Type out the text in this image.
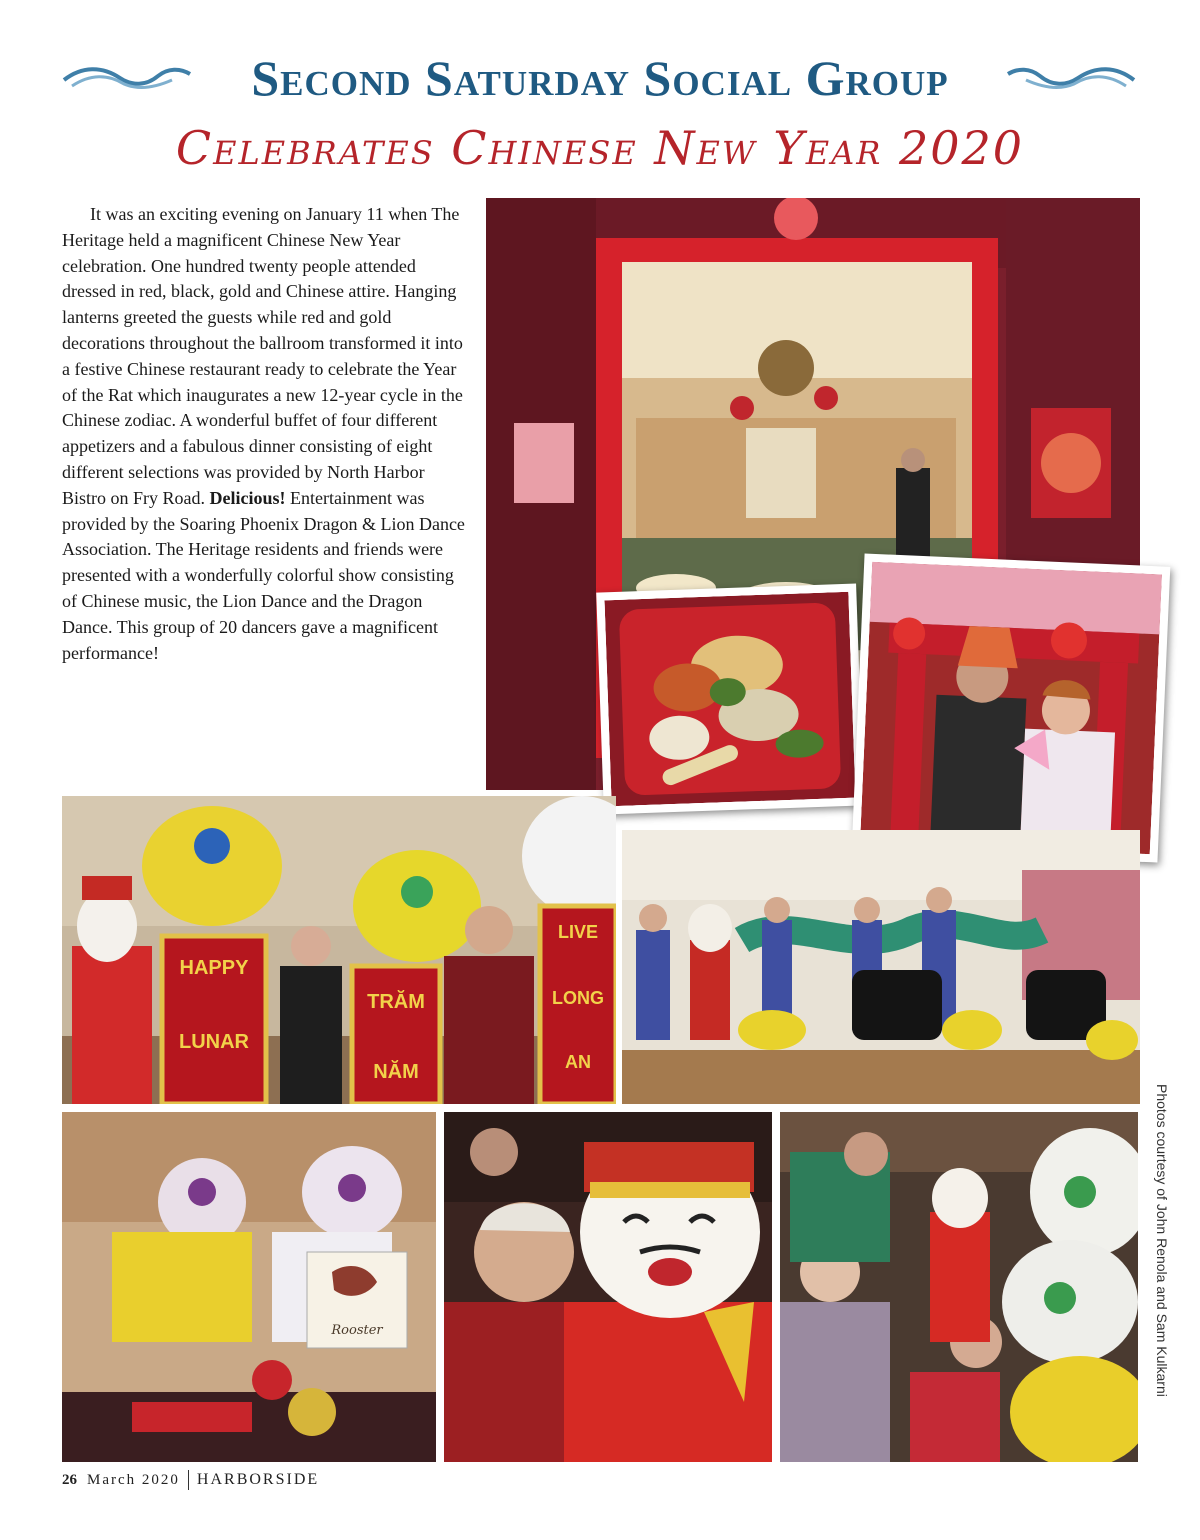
Second Saturday Social Group
Celebrates Chinese New Year 2020

It was an exciting evening on January 11 when The Heritage held a magnificent Chinese New Year celebration. One hundred twenty people attended dressed in red, black, gold and Chinese attire. Hanging lanterns greeted the guests while red and gold decorations throughout the ballroom transformed it into a festive Chinese restaurant ready to celebrate the Year of the Rat which inaugurates a new 12-year cycle in the Chinese zodiac. A wonderful buffet of four different appetizers and a fabulous dinner consisting of eight different selections was provided by North Harbor Bistro on Fry Road. Delicious! Entertainment was provided by the Soaring Phoenix Dragon & Lion Dance Association. The Heritage residents and friends were presented with a wonderfully colorful show consisting of Chinese music, the Lion Dance and the Dragon Dance. This group of 20 dancers gave a magnificent performance!

HAPPY
LUNAR
TRĂM
NĂM
LIVE
LONG
AN
Rooster	Photos courtesy of John Renola and Sam Kulkarni
26 March 2020 HARBORSIDE
